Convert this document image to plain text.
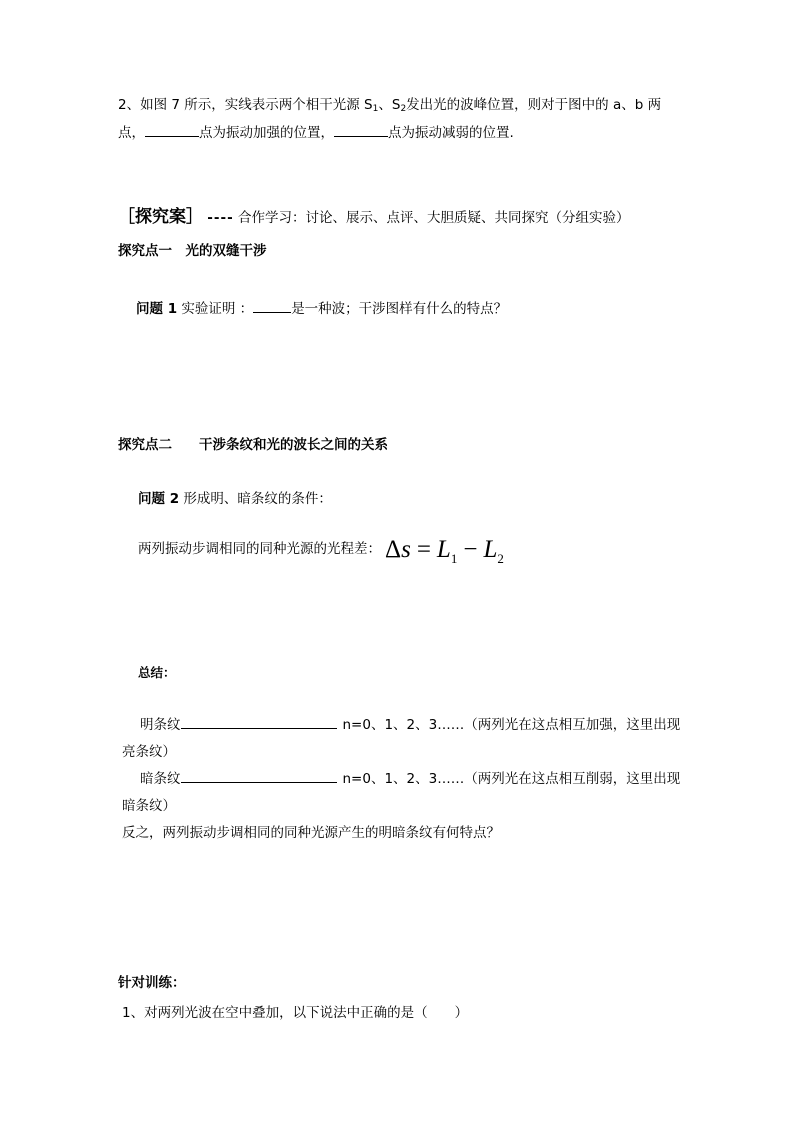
2、如图 7 所示，实线表示两个相干光源 $S_1$、$S_2$发出光的波峰位置，则对于图中的 a、b 两
点，	点为振动加强的位置，	点为振动减弱的位置.
［探究案］ ---- 合作学习：讨论、展示、点评、大胆质疑、共同探究（分组实验）
探究点一　光的双缝干涉
问题 1 实验证明 ：	是一种波；干涉图样有什么的特点？
探究点二　　干涉条纹和光的波长之间的关系
问题 2 形成明、暗条纹的条件：
两列振动步调相同的同种光源的光程差： $\Delta s = L_1 - L_2$
总结：
明条纹	n=0、1、2、3……（两列光在这点相互加强，这里出现
亮条纹）
暗条纹	n=0、1、2、3……（两列光在这点相互削弱，这里出现
暗条纹）
反之，两列振动步调相同的同种光源产生的明暗条纹有何特点？
针对训练：
1、对两列光波在空中叠加，以下说法中正确的是（　　）
